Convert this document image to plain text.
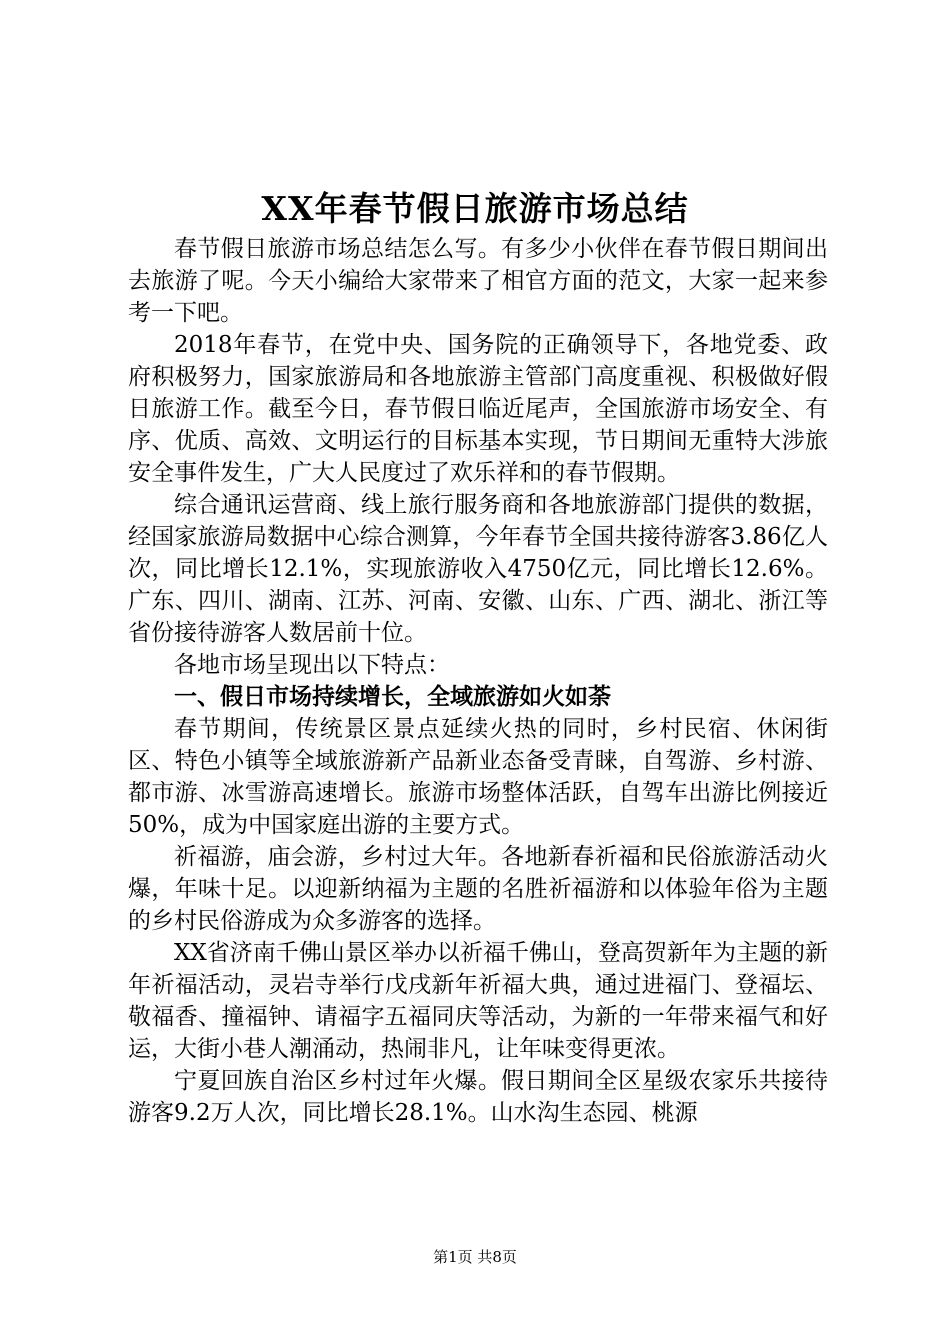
XX年春节假日旅游市场总结

春节假日旅游市场总结怎么写。有多少小伙伴在春节假日期间出去旅游了呢。今天小编给大家带来了相官方面的范文，大家一起来参考一下吧。

2018年春节，在党中央、国务院的正确领导下，各地党委、政府积极努力，国家旅游局和各地旅游主管部门高度重视、积极做好假日旅游工作。截至今日，春节假日临近尾声，全国旅游市场安全、有序、优质、高效、文明运行的目标基本实现，节日期间无重特大涉旅安全事件发生，广大人民度过了欢乐祥和的春节假期。

综合通讯运营商、线上旅行服务商和各地旅游部门提供的数据，经国家旅游局数据中心综合测算，今年春节全国共接待游客3.86亿人次，同比增长12.1%，实现旅游收入4750亿元，同比增长12.6%。广东、四川、湖南、江苏、河南、安徽、山东、广西、湖北、浙江等省份接待游客人数居前十位。

各地市场呈现出以下特点：

一、假日市场持续增长，全域旅游如火如荼

春节期间，传统景区景点延续火热的同时，乡村民宿、休闲街区、特色小镇等全域旅游新产品新业态备受青睐，自驾游、乡村游、都市游、冰雪游高速增长。旅游市场整体活跃，自驾车出游比例接近50%，成为中国家庭出游的主要方式。

祈福游，庙会游，乡村过大年。各地新春祈福和民俗旅游活动火爆，年味十足。以迎新纳福为主题的名胜祈福游和以体验年俗为主题的乡村民俗游成为众多游客的选择。

XX省济南千佛山景区举办以祈福千佛山，登高贺新年为主题的新年祈福活动，灵岩寺举行戊戌新年祈福大典，通过进福门、登福坛、敬福香、撞福钟、请福字五福同庆等活动，为新的一年带来福气和好运，大街小巷人潮涌动，热闹非凡，让年味变得更浓。

宁夏回族自治区乡村过年火爆。假日期间全区星级农家乐共接待游客9.2万人次，同比增长28.1%。山水沟生态园、桃源

第1页 共8页
